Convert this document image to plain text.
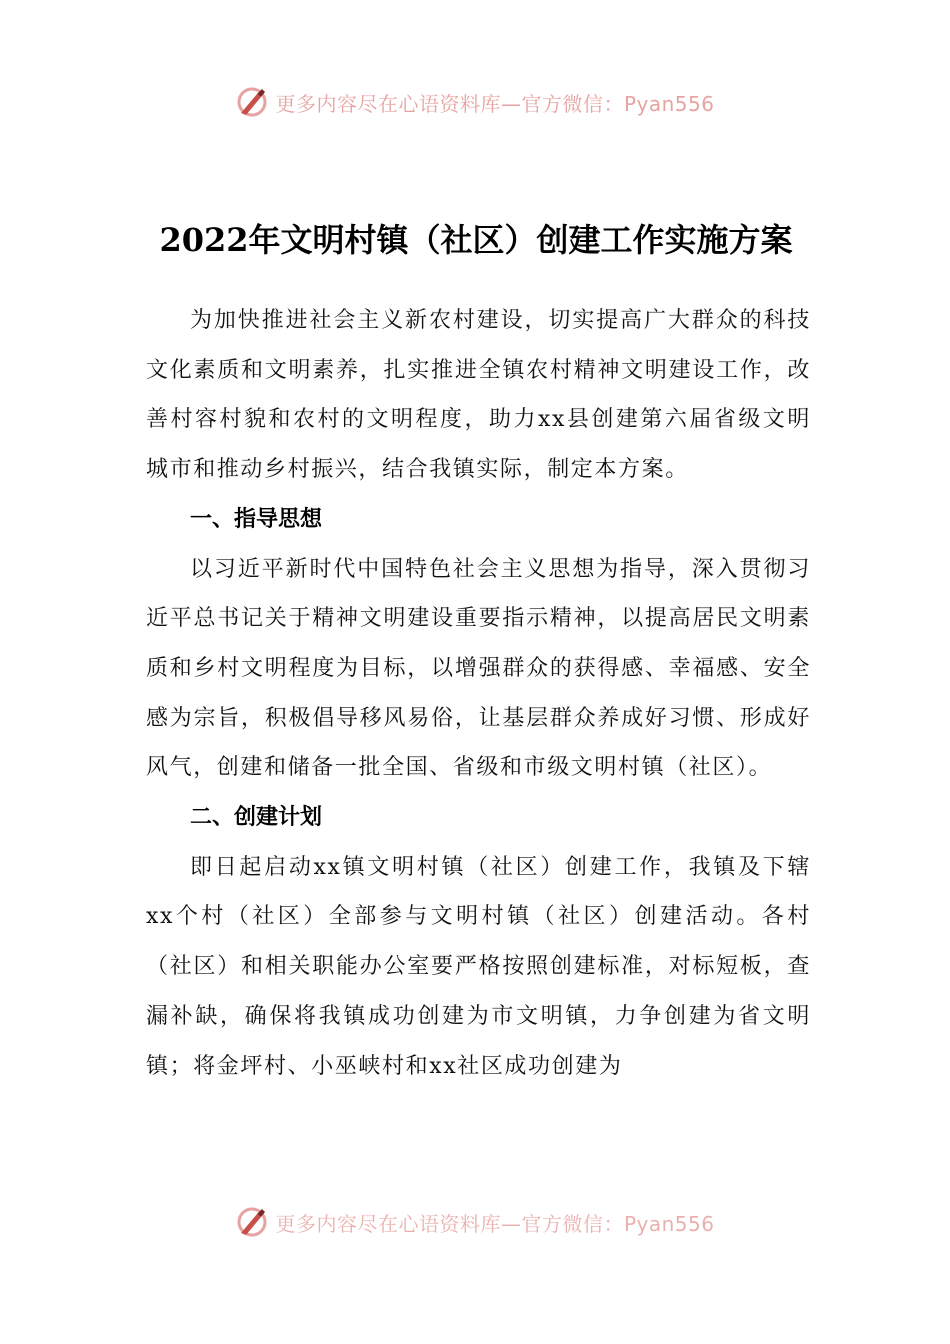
更多内容尽在心语资料库—官方微信：Pyan556
2022年文明村镇（社区）创建工作实施方案

为加快推进社会主义新农村建设，切实提高广大群众的科技文化素质和文明素养，扎实推进全镇农村精神文明建设工作，改善村容村貌和农村的文明程度，助力xx县创建第六届省级文明城市和推动乡村振兴，结合我镇实际，制定本方案。

一、指导思想

以习近平新时代中国特色社会主义思想为指导，深入贯彻习近平总书记关于精神文明建设重要指示精神，以提高居民文明素质和乡村文明程度为目标，以增强群众的获得感、幸福感、安全感为宗旨，积极倡导移风易俗，让基层群众养成好习惯、形成好风气，创建和储备一批全国、省级和市级文明村镇（社区）。

二、创建计划

即日起启动xx镇文明村镇（社区）创建工作，我镇及下辖xx个村（社区）全部参与文明村镇（社区）创建活动。各村（社区）和相关职能办公室要严格按照创建标准，对标短板，查漏补缺，确保将我镇成功创建为市文明镇，力争创建为省文明镇；将金坪村、小巫峡村和xx社区成功创建为

更多内容尽在心语资料库—官方微信：Pyan556
